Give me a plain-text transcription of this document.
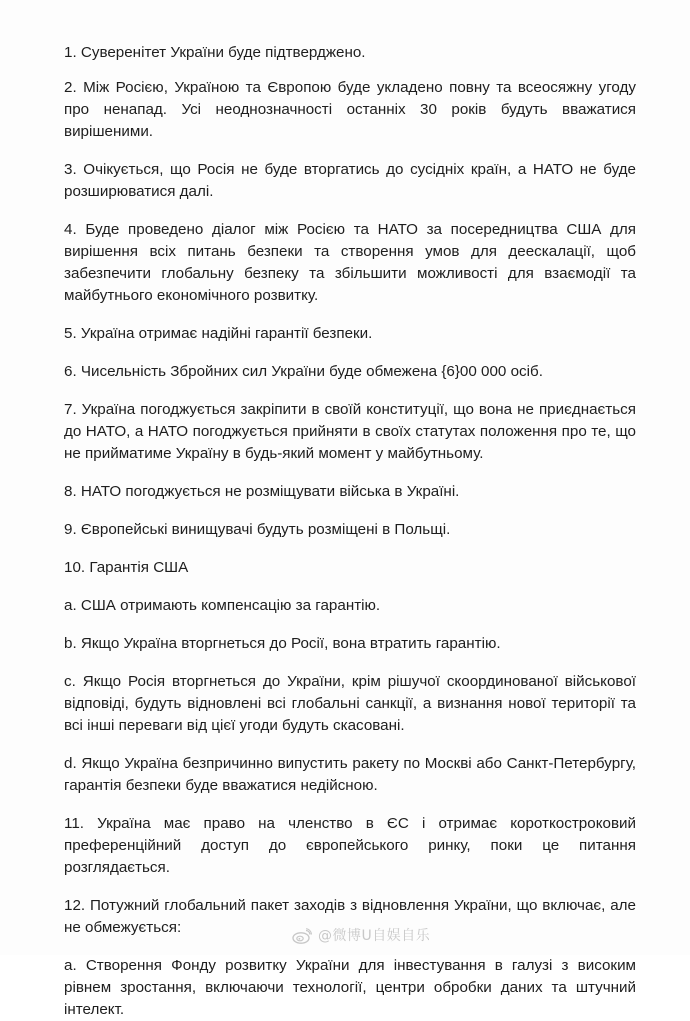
1. Суверенітет України буде підтверджено.

2. Між Росією, Україною та Європою буде укладено повну та всеосяжну угоду про ненапад. Усі неоднозначності останніх 30 років будуть вважатися вирішеними.

3. Очікується, що Росія не буде вторгатись до сусідніх країн, а НАТО не буде розширюватися далі.

4. Буде проведено діалог між Росією та НАТО за посередництва США для вирішення всіх питань безпеки та створення умов для деескалації, щоб забезпечити глобальну безпеку та збільшити можливості для взаємодії та майбутнього економічного розвитку.

5. Україна отримає надійні гарантії безпеки.

6. Чисельність Збройних сил України буде обмежена {6}00 000 осіб.

7. Україна погоджується закріпити в своїй конституції, що вона не приєднається до НАТО, а НАТО погоджується прийняти в своїх статутах положення про те, що не прийматиме Україну в будь-який момент у майбутньому.

8. НАТО погоджується не розміщувати війська в Україні.

9. Європейські винищувачі будуть розміщені в Польщі.

10. Гарантія США

a. США отримають компенсацію за гарантію.

b. Якщо Україна вторгнеться до Росії, вона втратить гарантію.

c. Якщо Росія вторгнеться до України, крім рішучої скоординованої військової відповіді, будуть відновлені всі глобальні санкції, а визнання нової території та всі інші переваги від цієї угоди будуть скасовані.

d. Якщо Україна безпричинно випустить ракету по Москві або Санкт-Петербургу, гарантія безпеки буде вважатися недійсною.

11. Україна має право на членство в ЄС і отримає короткостроковий преференційний доступ до європейського ринку, поки це питання розглядається.

12. Потужний глобальний пакет заходів з відновлення України, що включає, але не обмежується:

a. Створення Фонду розвитку України для інвестування в галузі з високим рівнем зростання, включаючи технології, центри обробки даних та штучний інтелект.

@微博U自娱自乐
